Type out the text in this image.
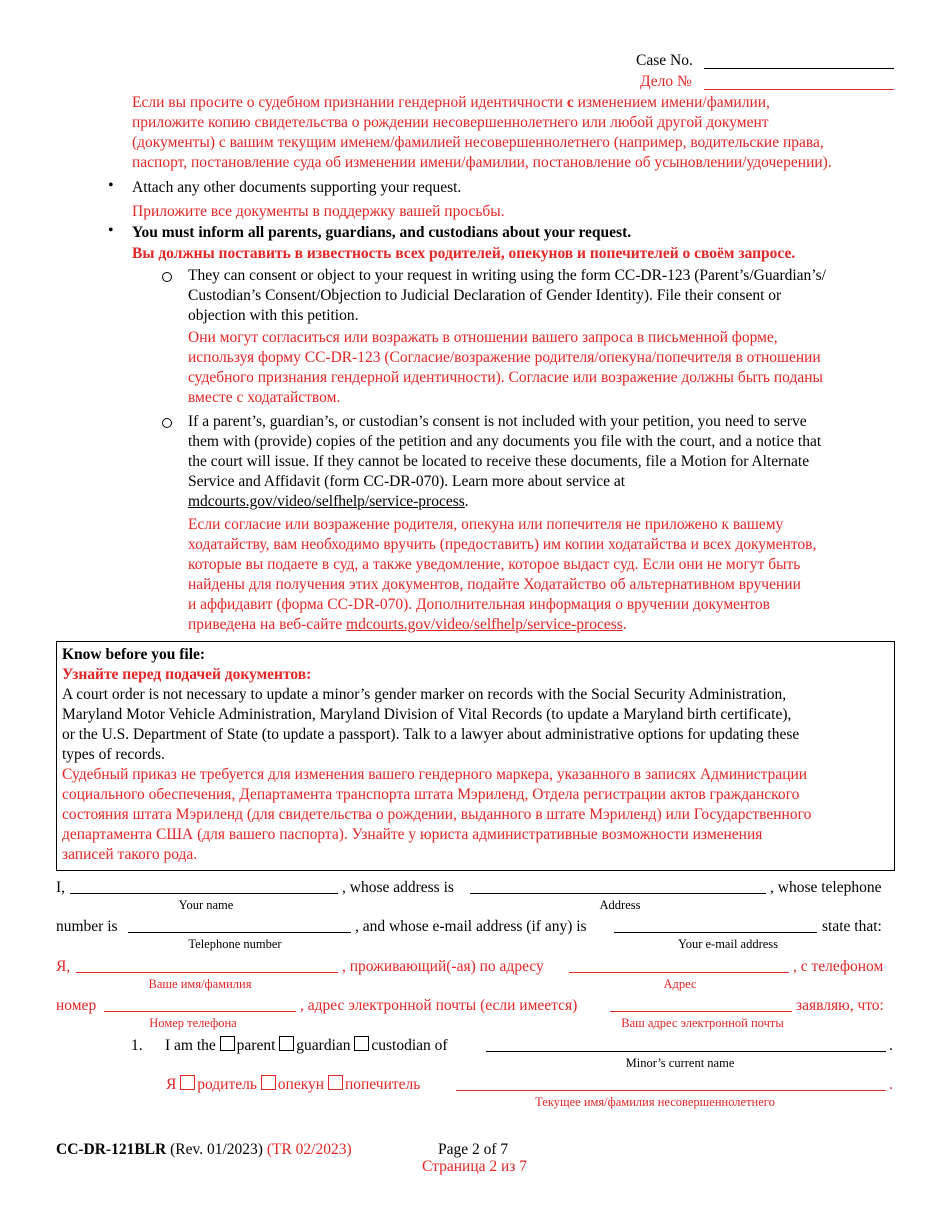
Case No.
Дело №
Если вы просите о судебном признании гендерной идентичности с изменением имени/фамилии,
приложите копию свидетельства о рождении несовершеннолетнего или любой другой документ
(документы) с вашим текущим именем/фамилией несовершеннолетнего (например, водительские права,
паспорт, постановление суда об изменении имени/фамилии, постановление об усыновлении/удочерении).
• Attach any other documents supporting your request.
Приложите все документы в поддержку вашей просьбы.
• You must inform all parents, guardians, and custodians about your request.
Вы должны поставить в известность всех родителей, опекунов и попечителей о своём запросе.
They can consent or object to your request in writing using the form CC-DR-123 (Parent’s/Guardian’s/
Custodian’s Consent/Objection to Judicial Declaration of Gender Identity). File their consent or
objection with this petition.
Они могут согласиться или возражать в отношении вашего запроса в письменной форме,
используя форму CC-DR-123 (Согласие/возражение родителя/опекуна/попечителя в отношении
судебного признания гендерной идентичности). Согласие или возражение должны быть поданы
вместе с ходатайством.
If a parent’s, guardian’s, or custodian’s consent is not included with your petition, you need to serve
them with (provide) copies of the petition and any documents you file with the court, and a notice that
the court will issue. If they cannot be located to receive these documents, file a Motion for Alternate
Service and Affidavit (form CC-DR-070). Learn more about service at
mdcourts.gov/video/selfhelp/service-process.
Если согласие или возражение родителя, опекуна или попечителя не приложено к вашему
ходатайству, вам необходимо вручить (предоставить) им копии ходатайства и всех документов,
которые вы подаете в суд, а также уведомление, которое выдаст суд. Если они не могут быть
найдены для получения этих документов, подайте Ходатайство об альтернативном вручении
и аффидавит (форма CC-DR-070). Дополнительная информация о вручении документов
приведена на веб-сайте mdcourts.gov/video/selfhelp/service-process.
Know before you file:
Узнайте перед подачей документов:
A court order is not necessary to update a minor’s gender marker on records with the Social Security Administration,
Maryland Motor Vehicle Administration, Maryland Division of Vital Records (to update a Maryland birth certificate),
or the U.S. Department of State (to update a passport). Talk to a lawyer about administrative options for updating these
types of records.
Судебный приказ не требуется для изменения вашего гендерного маркера, указанного в записях Администрации
социального обеспечения, Департамента транспорта штата Мэриленд, Отдела регистрации актов гражданского
состояния штата Мэриленд (для свидетельства о рождении, выданного в штате Мэриленд) или Государственного
департамента США (для вашего паспорта). Узнайте у юриста административные возможности изменения
записей такого рода.
I,	, whose address is	, whose telephone
Your name	Address
number is	, and whose e-mail address (if any) is	state that:
Telephone number	Your e-mail address
Я,	, проживающий(-ая) по адресу	, с телефоном
Ваше имя/фамилия	Адрес
номер	, адрес электронной почты (если имеется)	заявляю, что:
Номер телефона	Ваш адрес электронной почты
1. I am the parent guardian custodian of	.
Minor’s current name
Я родитель опекун попечитель	.
Текущее имя/фамилия несовершеннолетнего
CC-DR-121BLR (Rev. 01/2023) (TR 02/2023)	Page 2 of 7
Страница 2 из 7
